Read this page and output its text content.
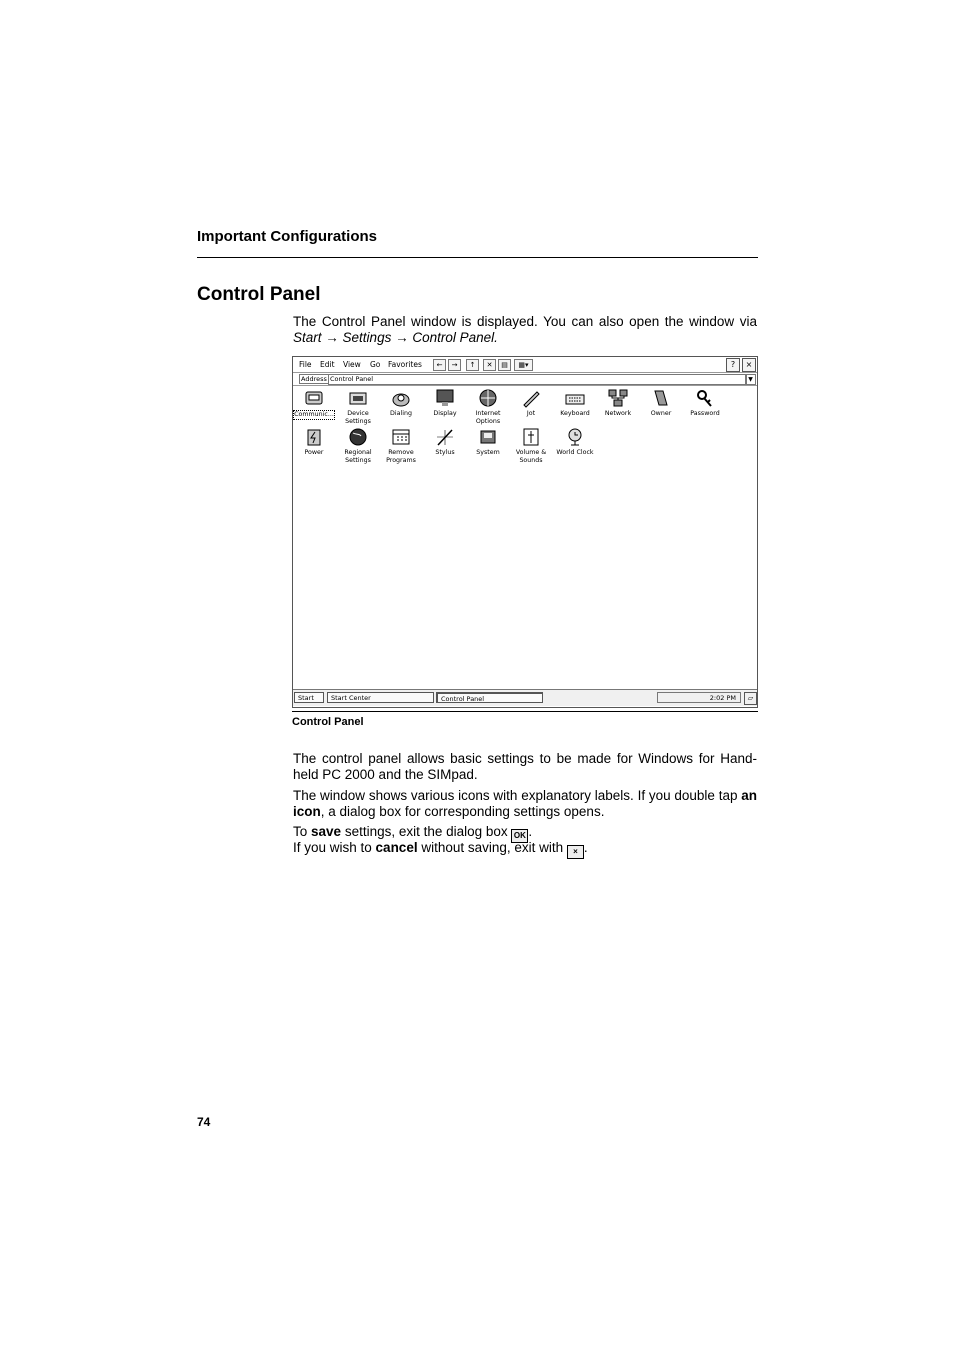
Important Configurations
Control Panel
The Control Panel window is displayed. You can also open the window via Start → Settings → Control Panel.
File Edit View Go Favorites	←	→	↑	✕	▤	▦▾	?	×
Address Control Panel	▼
Communic...	Device Settings
Dialing	Display	Internet Options
Jot	Keyboard	Network	Owner	Password
Power	Regional Settings
Remove Programs
Stylus	System	Volume & Sounds
World Clock
Start	Start Center	Control Panel	2:02 PM	▱
Control Panel
The control panel allows basic settings to be made for Windows for Hand-held PC 2000 and the SIMpad.
The window shows various icons with explanatory labels. If you double tap an icon, a dialog box for corresponding settings opens.
To save settings, exit the dialog box OK .
If you wish to cancel without saving, exit with × .
74
